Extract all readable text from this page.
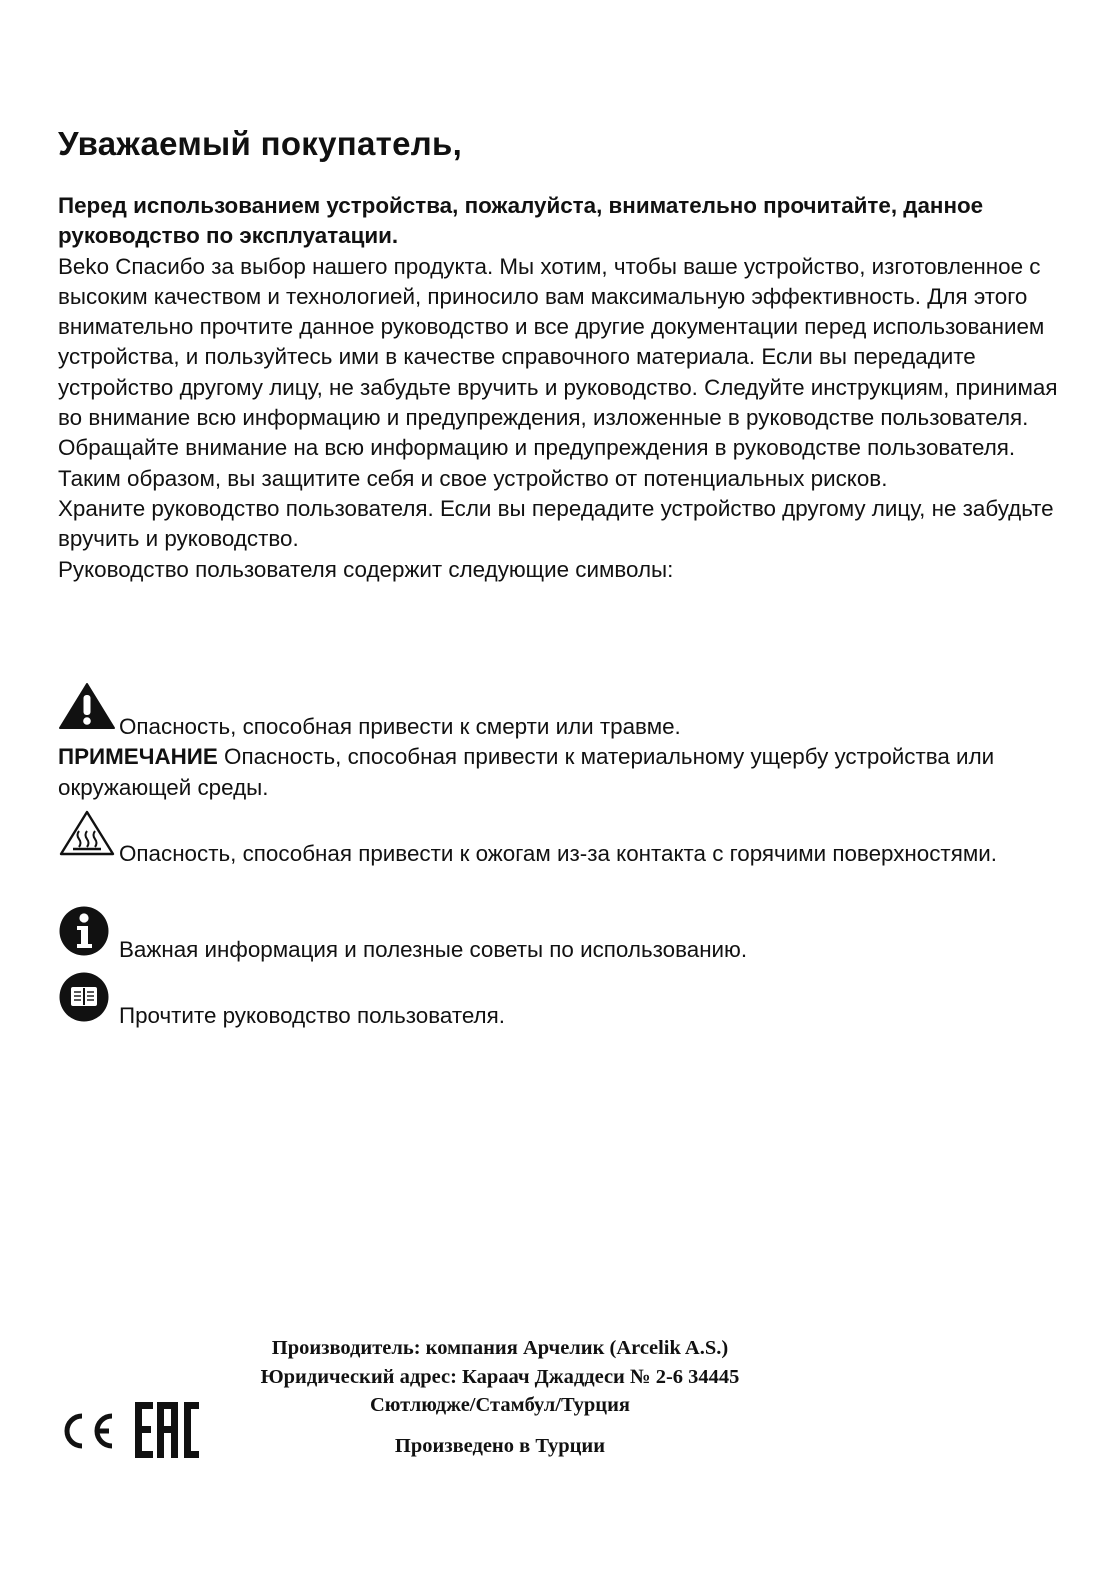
Уважаемый покупатель,

Перед использованием устройства, пожалуйста, внимательно прочитайте, данное руководство по эксплуатации.

Beko Спасибо за выбор нашего продукта. Мы хотим, чтобы ваше устройство, изготовленное с высоким качеством и технологией, приносило вам максимальную эффективность. Для этого внимательно прочтите данное руководство и все другие документации перед использованием устройства, и пользуйтесь ими в качестве справочного материала. Если вы передадите устройство другому лицу, не забудьте вручить и руководство. Следуйте инструкциям, принимая во внимание всю информацию и предупреждения, изложенные в руководстве пользователя.

Обращайте внимание на всю информацию и предупреждения в руководстве пользователя. Таким образом, вы защитите себя и свое устройство от потенциальных рисков.

Храните руководство пользователя. Если вы передадите устройство другому лицу, не забудьте вручить и руководство.

Руководство пользователя содержит следующие символы:

Опасность, способная привести к смерти или травме.

ПРИМЕЧАНИЕ Опасность, способная привести к материальному ущербу устройства или окружающей среды.

Опасность, способная привести к ожогам из-за контакта с горячими поверхностями.

Важная информация и полезные советы по использованию.

Прочтите руководство пользователя.

Производитель: компания Арчелик (Arcelik A.S.)

Юридический адрес: Караач Джаддеси № 2-6 34445

Сютлюдже/Стамбул/Турция

Произведено в Турции
